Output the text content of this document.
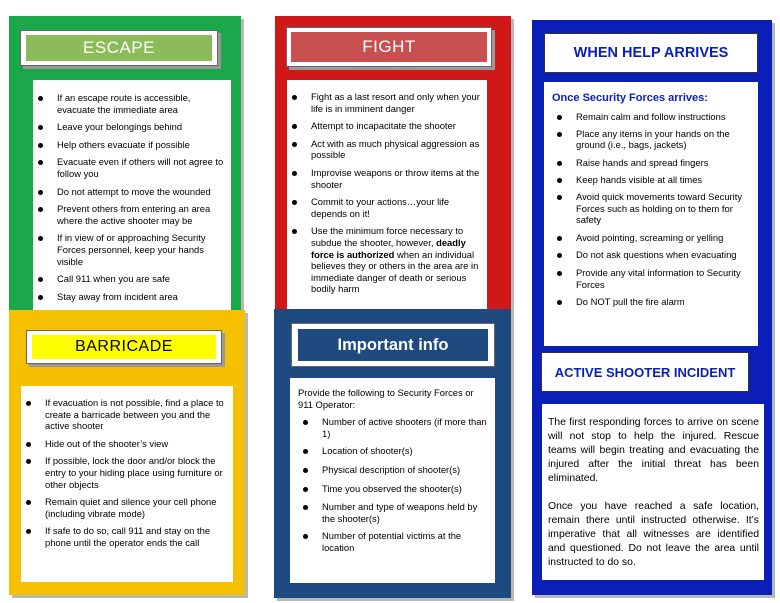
If an escape route is accessible, evacuate the immediate area
Leave your belongings behind
Help others evacuate if possible
Evacuate even if others will not agree to follow you
Do not attempt to move the wounded
Prevent others from entering an area where the active shooter may be
If in view of or approaching Security Forces personnel, keep your hands visible
Call 911 when you are safe
Stay away from incident area
ESCAPE
Fight as a last resort and only when your life is in imminent danger
Attempt to incapacitate the shooter
Act with as much physical aggression as possible
Improvise weapons or throw items at the shooter
Commit to your actions…your life depends on it!
Use the minimum force necessary to subdue the shooter, however, deadly force is authorized when an individual believes they or others in the area are in immediate danger of death or serious bodily harm
FIGHT	WHEN HELP ARRIVES
Once Security Forces arrives:
Remain calm and follow instructions
Place any items in your hands on the ground (i.e., bags, jackets)
Raise hands and spread fingers
Keep hands visible at all times
Avoid quick movements toward Security Forces such as holding on to them for safety
Avoid pointing, screaming or yelling
Do not ask questions when evacuating
Provide any vital information to Security Forces
Do NOT pull the fire alarm
If evacuation is not possible, find a place to create a barricade between you and the active shooter
Hide out of the shooter’s view
If possible, lock the door and/or block the entry to your hiding place using furniture or other objects
Remain quiet and silence your cell phone (including vibrate mode)
If safe to do so, call 911 and stay on the phone until the operator ends the call
BARRICADE	Important info
Provide the following to Security Forces or 911 Operator:
Number of active shooters (if more than 1)
Location of shooter(s)
Physical description of shooter(s)
Time you observed the shooter(s)
Number and type of weapons held by the shooter(s)
Number of potential victims at the location
ACTIVE SHOOTER INCIDENT

The first responding forces to arrive on scene will not stop to help the injured. Rescue teams will begin treating and evacuating the injured after the initial threat has been eliminated.

Once you have reached a safe location, remain there until instructed otherwise. It’s imperative that all witnesses are identified and questioned. Do not leave the area until instructed to do so.
